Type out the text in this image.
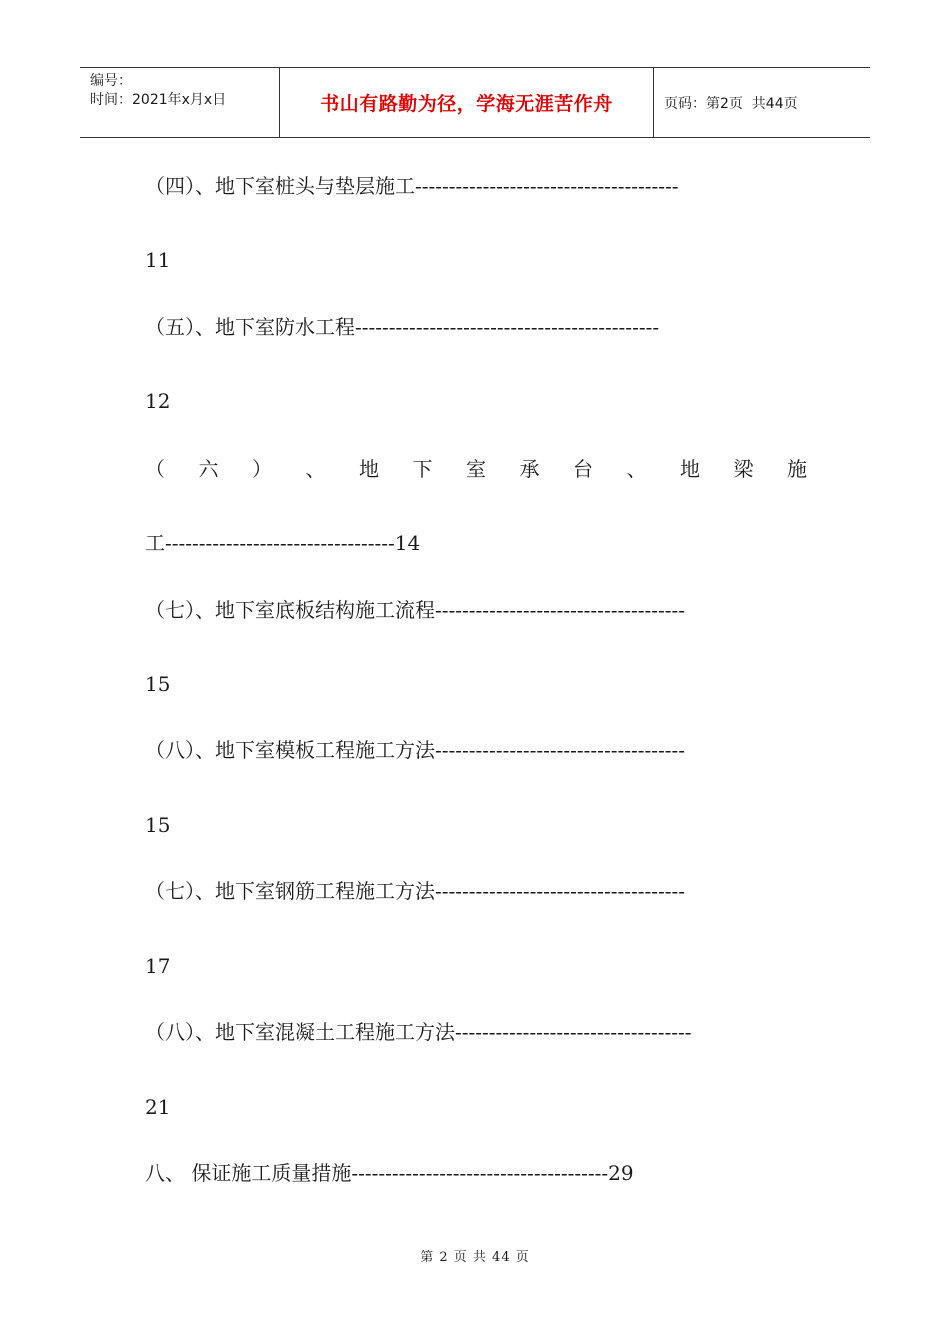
编号：
时间：2021年x月x日	书山有路勤为径，学海无涯苦作舟	页码：第2页  共44页
（四）、地下室桩头与垫层施工---------------------------------------
11
（五）、地下室防水工程---------------------------------------------
12
（ 六 ） 、 地 下 室 承 台 、 地 梁 施
工----------------------------------14
（七）、地下室底板结构施工流程-------------------------------------
15
（八）、地下室模板工程施工方法-------------------------------------
15
（七）、地下室钢筋工程施工方法-------------------------------------
17
（八）、地下室混凝土工程施工方法-----------------------------------
21
八、 保证施工质量措施--------------------------------------29
第 2 页 共 44 页
